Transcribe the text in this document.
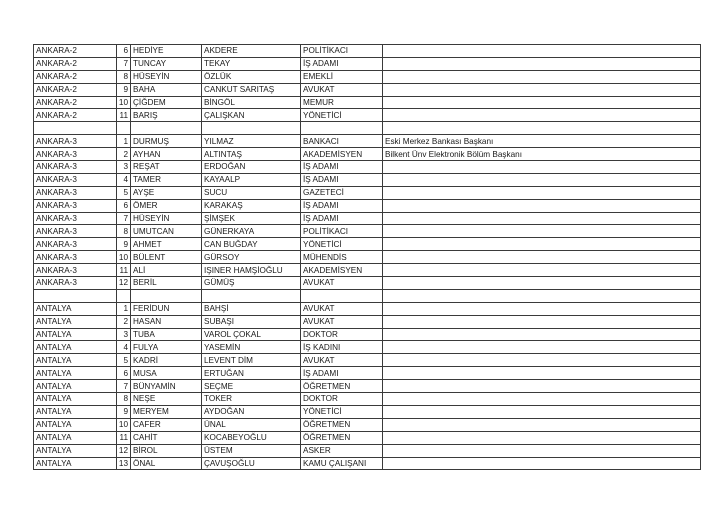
ANKARA-2	6	HEDİYE	AKDERE	POLİTİKACI	
ANKARA-2	7	TUNCAY	TEKAY	İŞ ADAMI	
ANKARA-2	8	HÜSEYİN	ÖZLÜK	EMEKLİ	
ANKARA-2	9	BAHA	CANKUT SARITAŞ	AVUKAT	
ANKARA-2	10	ÇİĞDEM	BİNGÖL	MEMUR	
ANKARA-2	11	BARIŞ	ÇALIŞKAN	YÖNETİCİ	

ANKARA-3	1	DURMUŞ	YILMAZ	BANKACI	Eski Merkez Bankası Başkanı
ANKARA-3	2	AYHAN	ALTINTAŞ	AKADEMİSYEN	Bilkent Ünv Elektronik Bölüm Başkanı
ANKARA-3	3	REŞAT	ERDOĞAN	İŞ ADAMI	
ANKARA-3	4	TAMER	KAYAALP	İŞ ADAMI	
ANKARA-3	5	AYŞE	SUCU	GAZETECİ	
ANKARA-3	6	ÖMER	KARAKAŞ	İŞ ADAMI	
ANKARA-3	7	HÜSEYİN	ŞİMŞEK	İŞ ADAMI	
ANKARA-3	8	UMUTCAN	GÜNERKAYA	POLİTİKACI	
ANKARA-3	9	AHMET	CAN BUĞDAY	YÖNETİCİ	
ANKARA-3	10	BÜLENT	GÜRSOY	MÜHENDİS	
ANKARA-3	11	ALİ	IŞINER HAMŞİOĞLU	AKADEMİSYEN	
ANKARA-3	12	BERİL	GÜMÜŞ	AVUKAT	

ANTALYA	1	FERİDUN	BAHŞİ	AVUKAT	
ANTALYA	2	HASAN	SUBAŞI	AVUKAT	
ANTALYA	3	TUBA	VAROL ÇOKAL	DOKTOR	
ANTALYA	4	FULYA	YASEMİN	İŞ KADINI	
ANTALYA	5	KADRİ	LEVENT DİM	AVUKAT	
ANTALYA	6	MUSA	ERTUĞAN	İŞ ADAMI	
ANTALYA	7	BÜNYAMİN	SEÇME	ÖĞRETMEN	
ANTALYA	8	NEŞE	TOKER	DOKTOR	
ANTALYA	9	MERYEM	AYDOĞAN	YÖNETİCİ	
ANTALYA	10	CAFER	ÜNAL	ÖĞRETMEN	
ANTALYA	11	CAHİT	KOCABEYOĞLU	ÖĞRETMEN	
ANTALYA	12	BİROL	ÜSTEM	ASKER	
ANTALYA	13	ÖNAL	ÇAVUŞOĞLU	KAMU ÇALIŞANI	
